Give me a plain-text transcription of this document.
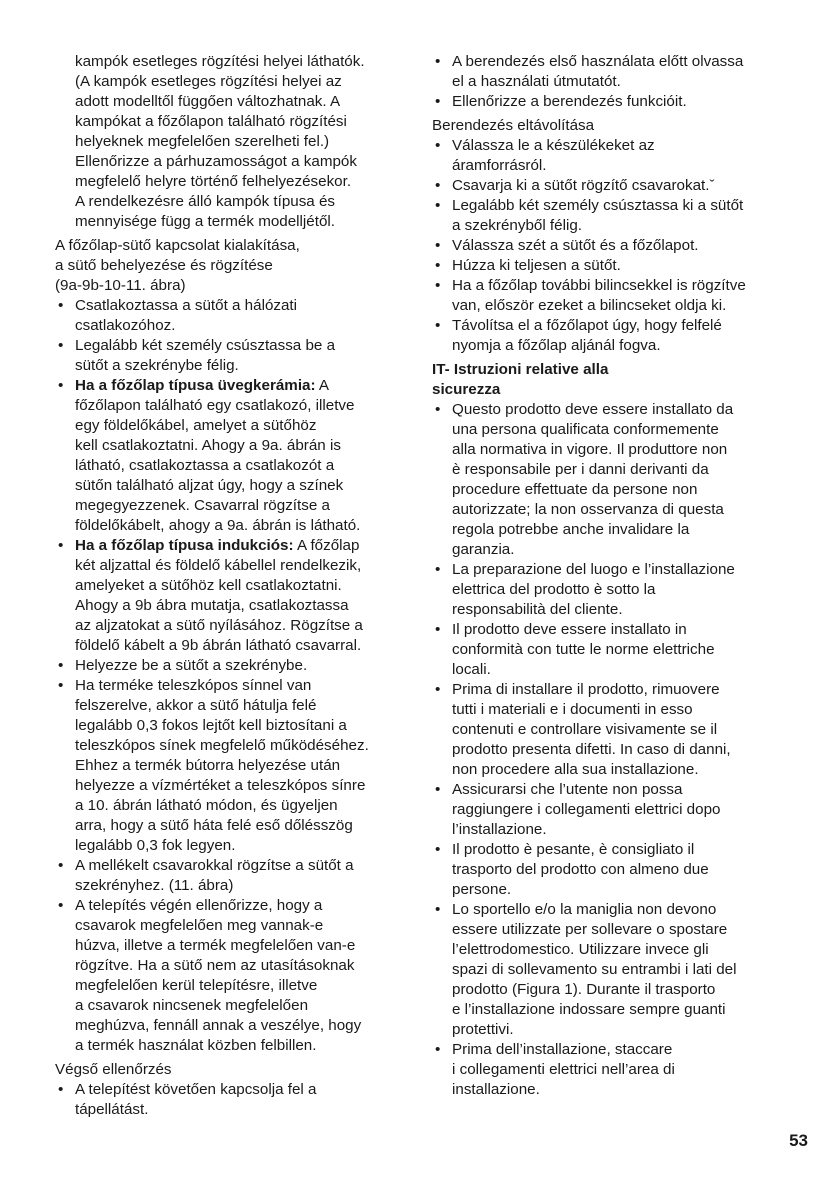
kampók esetleges rögzítési helyei láthatók.
(A kampók esetleges rögzítési helyei az
adott modelltől függően változhatnak. A
kampókat a főzőlapon található rögzítési
helyeknek megfelelően szerelheti fel.)
Ellenőrizze a párhuzamosságot a kampók
megfelelő helyre történő felhelyezésekor.
A rendelkezésre álló kampók típusa és
mennyisége függ a termék modelljétől.
A főzőlap-sütő kapcsolat kialakítása,
a sütő behelyezése és rögzítése
(9a-9b-10-11. ábra)
• Csatlakoztassa a sütőt a hálózati
csatlakozóhoz.
• Legalább két személy csúsztassa be a
sütőt a szekrénybe félig.
• Ha a főzőlap típusa üvegkerámia: A
főzőlapon található egy csatlakozó, illetve
egy földelőkábel, amelyet a sütőhöz
kell csatlakoztatni. Ahogy a 9a. ábrán is
látható, csatlakoztassa a csatlakozót a
sütőn található aljzat úgy, hogy a színek
megegyezzenek. Csavarral rögzítse a
földelőkábelt, ahogy a 9a. ábrán is látható.
• Ha a főzőlap típusa indukciós: A főzőlap
két aljzattal és földelő kábellel rendelkezik,
amelyeket a sütőhöz kell csatlakoztatni.
Ahogy a 9b ábra mutatja, csatlakoztassa
az aljzatokat a sütő nyílásához. Rögzítse a
földelő kábelt a 9b ábrán látható csavarral.
• Helyezze be a sütőt a szekrénybe.
• Ha terméke teleszkópos sínnel van
felszerelve, akkor a sütő hátulja felé
legalább 0,3 fokos lejtőt kell biztosítani a
teleszkópos sínek megfelelő működéséhez.
Ehhez a termék bútorra helyezése után
helyezze a vízmértéket a teleszkópos sínre
a 10. ábrán látható módon, és ügyeljen
arra, hogy a sütő háta felé eső dőlésszög
legalább 0,3 fok legyen.
• A mellékelt csavarokkal rögzítse a sütőt a
szekrényhez. (11. ábra)
• A telepítés végén ellenőrizze, hogy a
csavarok megfelelően meg vannak-e
húzva, illetve a termék megfelelően van-e
rögzítve. Ha a sütő nem az utasításoknak
megfelelően kerül telepítésre, illetve
a csavarok nincsenek megfelelően
meghúzva, fennáll annak a veszélye, hogy
a termék használat közben felbillen.
Végső ellenőrzés
• A telepítést követően kapcsolja fel a
tápellátást.
• A berendezés első használata előtt olvassa
el a használati útmutatót.
• Ellenőrizze a berendezés funkcióit.
Berendezés eltávolítása
• Válassza le a készülékeket az
áramforrásról.
• Csavarja ki a sütőt rögzítő csavarokat.ˇ
• Legalább két személy csúsztassa ki a sütőt
a szekrényből félig.
• Válassza szét a sütőt és a főzőlapot.
• Húzza ki teljesen a sütőt.
• Ha a főzőlap további bilincsekkel is rögzítve
van, először ezeket a bilincseket oldja ki.
• Távolítsa el a főzőlapot úgy, hogy felfelé
nyomja a főzőlap aljánál fogva.
IT- Istruzioni relative alla
sicurezza
• Questo prodotto deve essere installato da
una persona qualificata conformemente
alla normativa in vigore. Il produttore non
è responsabile per i danni derivanti da
procedure effettuate da persone non
autorizzate; la non osservanza di questa
regola potrebbe anche invalidare la
garanzia.
• La preparazione del luogo e l’installazione
elettrica del prodotto è sotto la
responsabilità del cliente.
• Il prodotto deve essere installato in
conformità con tutte le norme elettriche
locali.
• Prima di installare il prodotto, rimuovere
tutti i materiali e i documenti in esso
contenuti e controllare visivamente se il
prodotto presenta difetti. In caso di danni,
non procedere alla sua installazione.
• Assicurarsi che l’utente non possa
raggiungere i collegamenti elettrici dopo
l’installazione.
• Il prodotto è pesante, è consigliato il
trasporto del prodotto con almeno due
persone.
• Lo sportello e/o la maniglia non devono
essere utilizzate per sollevare o spostare
l’elettrodomestico. Utilizzare invece gli
spazi di sollevamento su entrambi i lati del
prodotto (Figura 1). Durante il trasporto
e l’installazione indossare sempre guanti
protettivi.
• Prima dell’installazione, staccare
i collegamenti elettrici nell’area di
installazione.
53
